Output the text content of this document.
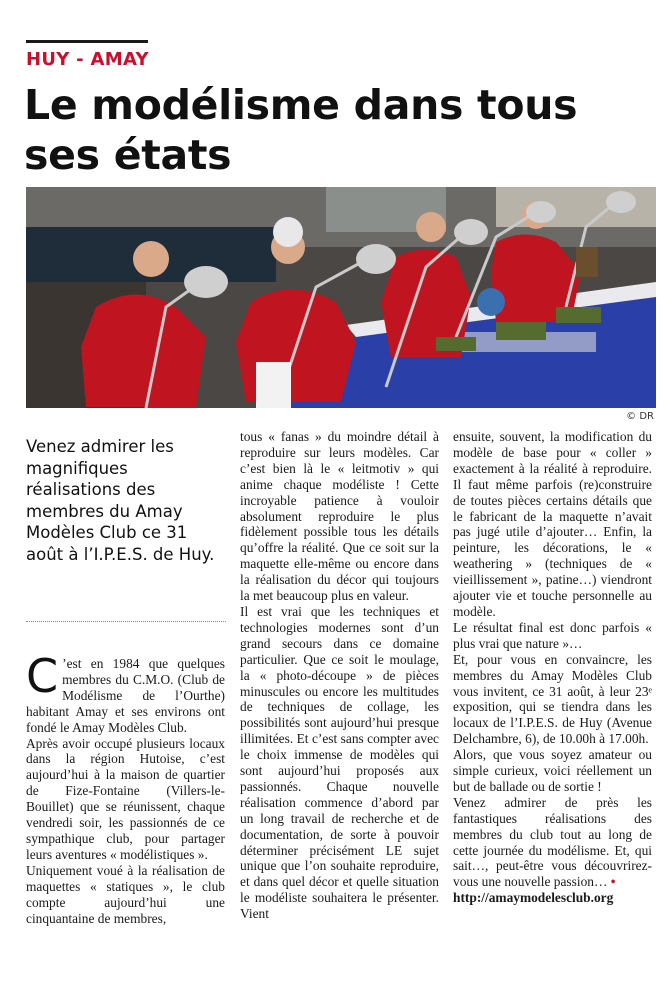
HUY - AMAY
Le modélisme dans tous ses états
© DR

Venez admirer les magnifiques réalisations des membres du Amay Modèles Club ce 31 août à l’I.P.E.S. de Huy.

C ’est en 1984 que quelques membres du C.M.O. (Club de Modélisme de l’Ourthe) habitant Amay et ses environs ont fondé le Amay Modèles Club.

Après avoir occupé plusieurs locaux dans la région Hutoise, c’est aujourd’hui à la maison de quartier de Fize-Fontaine (Villers-le-Bouillet) que se réunissent, chaque vendredi soir, les passionnés de ce sympathique club, pour partager leurs aventures « modélistiques ».

Uniquement voué à la réalisation de maquettes « statiques », le club compte aujourd’hui une cinquantaine de membres,

tous « fanas » du moindre détail à reproduire sur leurs modèles. Car c’est bien là le « leitmotiv » qui anime chaque modéliste ! Cette incroyable patience à vouloir absolument reproduire le plus fidèlement possible tous les détails qu’offre la réalité. Que ce soit sur la maquette elle-même ou encore dans la réalisation du décor qui toujours la met beaucoup plus en valeur.

Il est vrai que les techniques et technologies modernes sont d’un grand secours dans ce domaine particulier. Que ce soit le moulage, la « photo-découpe » de pièces minuscules ou encore les multitudes de techniques de collage, les possibilités sont aujourd’hui presque illimitées. Et c’est sans compter avec le choix immense de modèles qui sont aujourd’hui proposés aux passionnés. Chaque nouvelle réalisation commence d’abord par un long travail de recherche et de documentation, de sorte à pouvoir déterminer précisément LE sujet unique que l’on souhaite reproduire, et dans quel décor et quelle situation le modéliste souhaitera le présenter. Vient

ensuite, souvent, la modification du modèle de base pour « coller » exactement à la réalité à reproduire. Il faut même parfois (re)construire de toutes pièces certains détails que le fabricant de la maquette n’avait pas jugé utile d’ajouter… Enfin, la peinture, les décorations, le « weathering » (techniques de « vieillissement », patine…) viendront ajouter vie et touche personnelle au modèle.

Le résultat final est donc parfois « plus vrai que nature »…

Et, pour vous en convaincre, les membres du Amay Modèles Club vous invitent, ce 31 août, à leur 23ᵉ exposition, qui se tiendra dans les locaux de l’I.P.E.S. de Huy (Avenue Delchambre, 6), de 10.00h à 17.00h.

Alors, que vous soyez amateur ou simple curieux, voici réellement un but de ballade ou de sortie !

Venez admirer de près les fantastiques réalisations des membres du club tout au long de cette journée du modélisme. Et, qui sait…, peut-être vous découvrirez-vous une nouvelle passion… •

http://amaymodelesclub.org
